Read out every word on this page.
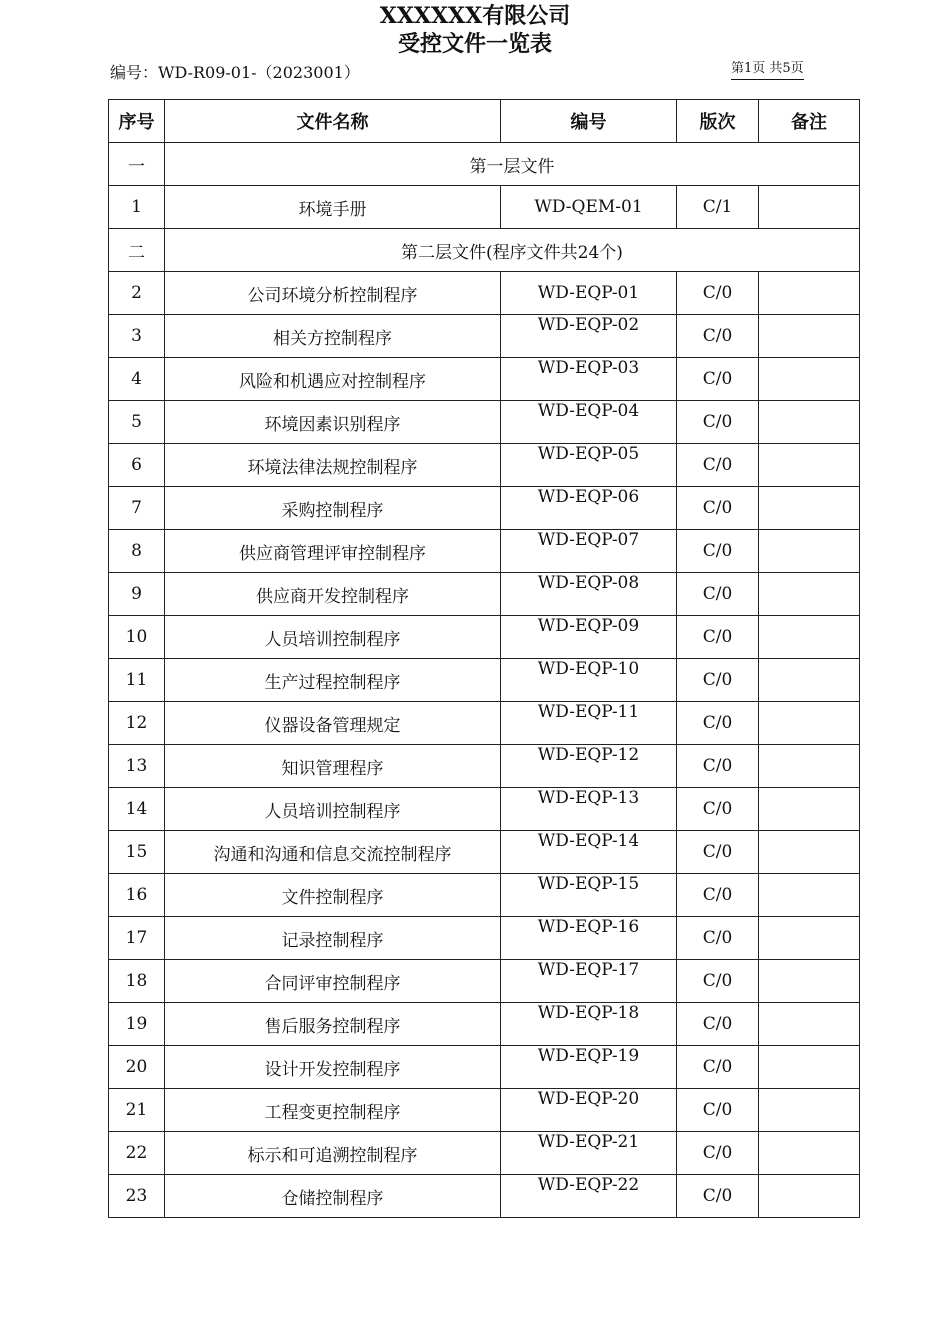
XXXXXX有限公司
受控文件一览表
编号：WD-R09-01-（2023001）	第1页 共5页
序号	文件名称	编号	版次	备注
一	第一层文件			
1	环境手册	WD-QEM-01	C/1	
二	第二层文件(程序文件共24个)			
2	公司环境分析控制程序	WD-EQP-01	C/0	
3	相关方控制程序	WD-EQP-02	C/0	
4	风险和机遇应对控制程序	WD-EQP-03	C/0	
5	环境因素识别程序	WD-EQP-04	C/0	
6	环境法律法规控制程序	WD-EQP-05	C/0	
7	采购控制程序	WD-EQP-06	C/0	
8	供应商管理评审控制程序	WD-EQP-07	C/0	
9	供应商开发控制程序	WD-EQP-08	C/0	
10	人员培训控制程序	WD-EQP-09	C/0	
11	生产过程控制程序	WD-EQP-10	C/0	
12	仪器设备管理规定	WD-EQP-11	C/0	
13	知识管理程序	WD-EQP-12	C/0	
14	人员培训控制程序	WD-EQP-13	C/0	
15	沟通和沟通和信息交流控制程序	WD-EQP-14	C/0	
16	文件控制程序	WD-EQP-15	C/0	
17	记录控制程序	WD-EQP-16	C/0	
18	合同评审控制程序	WD-EQP-17	C/0	
19	售后服务控制程序	WD-EQP-18	C/0	
20	设计开发控制程序	WD-EQP-19	C/0	
21	工程变更控制程序	WD-EQP-20	C/0	
22	标示和可追溯控制程序	WD-EQP-21	C/0	
23	仓储控制程序	WD-EQP-22	C/0	
